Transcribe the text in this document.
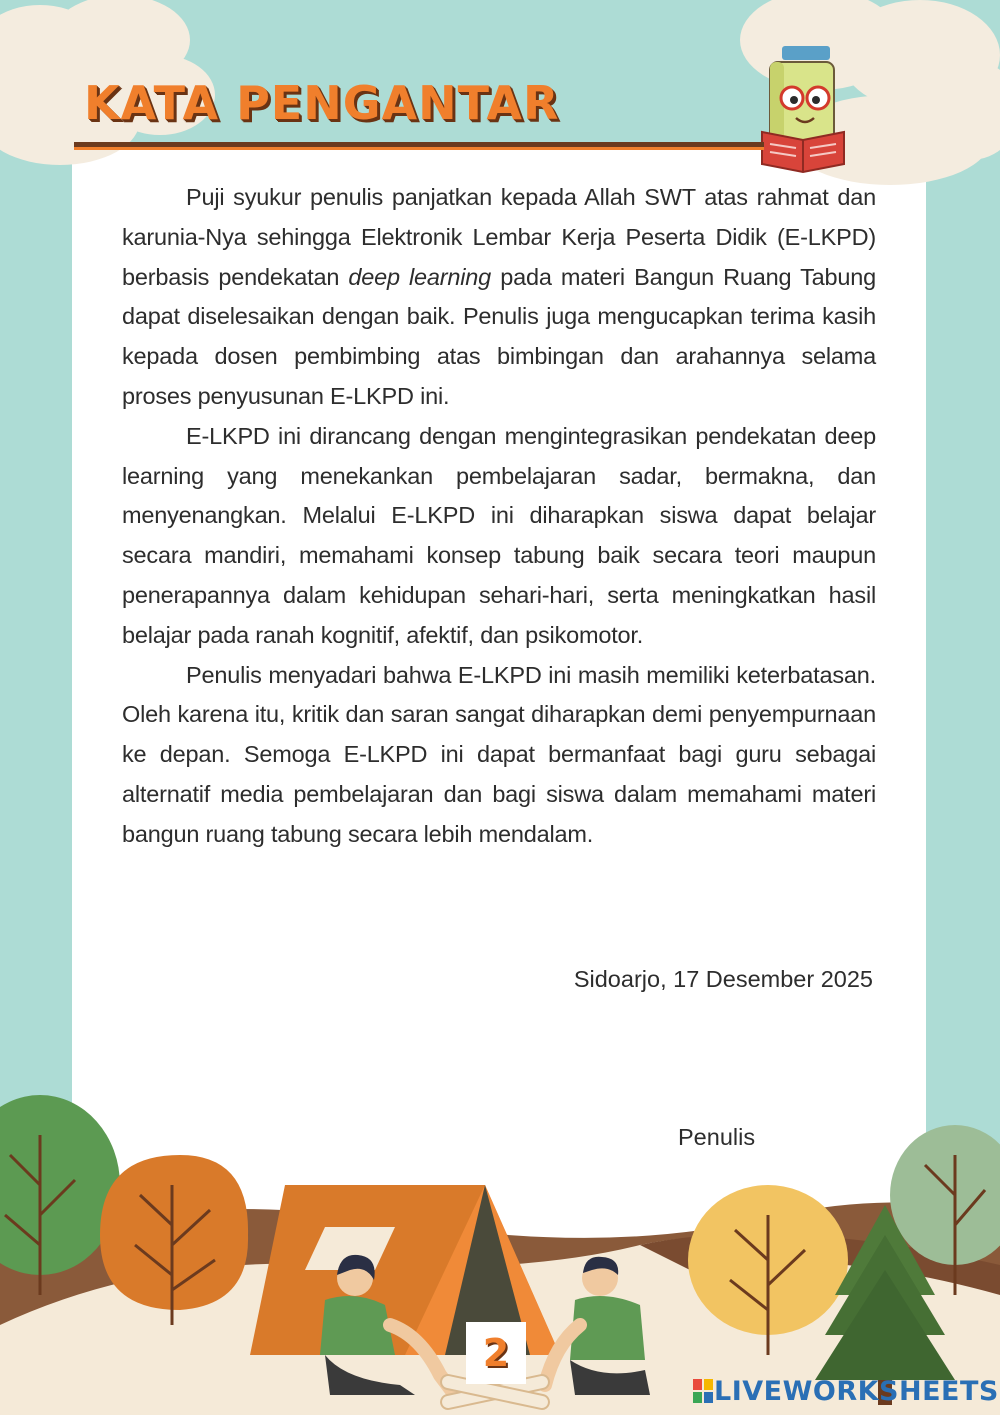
KATA PENGANTAR

Puji syukur penulis panjatkan kepada Allah SWT atas rahmat dan karunia-Nya sehingga Elektronik Lembar Kerja Peserta Didik (E-LKPD) berbasis pendekatan deep learning pada materi Bangun Ruang Tabung dapat diselesaikan dengan baik. Penulis juga mengucapkan terima kasih kepada dosen pembimbing atas bimbingan dan arahannya selama proses penyusunan E-LKPD ini.

E-LKPD ini dirancang dengan mengintegrasikan pendekatan deep learning yang menekankan pembelajaran sadar, bermakna, dan menyenangkan. Melalui E-LKPD ini diharapkan siswa dapat belajar secara mandiri, memahami konsep tabung baik secara teori maupun penerapannya dalam kehidupan sehari-hari, serta meningkatkan hasil belajar pada ranah kognitif, afektif, dan psikomotor.

Penulis menyadari bahwa E-LKPD ini masih memiliki keterbatasan. Oleh karena itu, kritik dan saran sangat diharapkan demi penyempurnaan ke depan. Semoga E-LKPD ini dapat bermanfaat bagi guru sebagai alternatif media pembelajaran dan bagi siswa dalam memahami materi bangun ruang tabung secara lebih mendalam.

Sidoarjo, 17 Desember 2025
Penulis
2
LIVEWORKSHEETS
